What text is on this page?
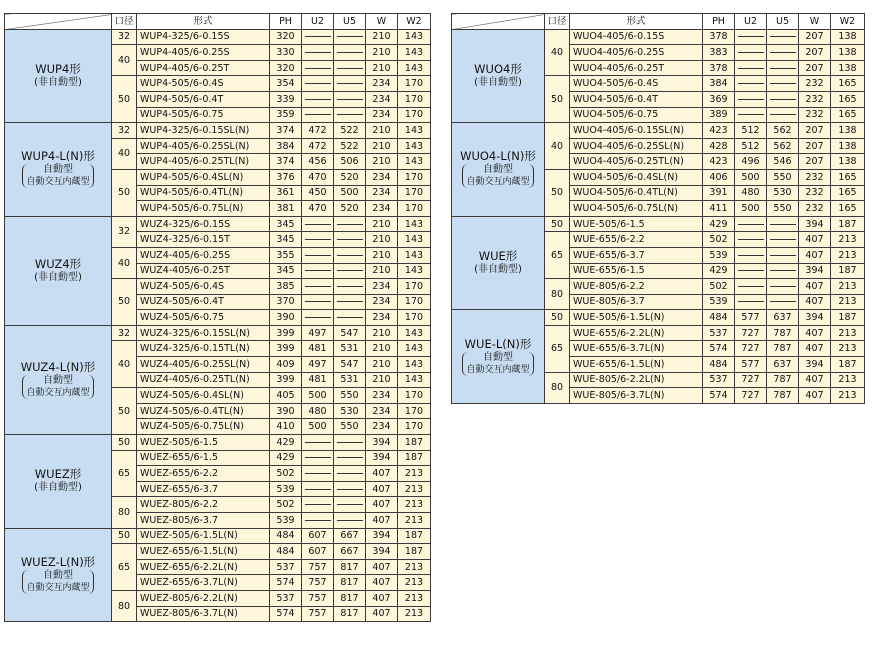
	口径	形式	PH	U2	U5	W	W2

WUP4形
(非自動型)	32	WUP4-325/6-0.15S	320			210	143
	40	WUP4-405/6-0.25S	330			210	143
		WUP4-405/6-0.25T	320			210	143
	50	WUP4-505/6-0.4S	354			234	170
		WUP4-505/6-0.4T	339			234	170
		WUP4-505/6-0.75	359			234	170

WUP4-L(N)形
自動型
自動交互内蔵型	32	WUP4-325/6-0.15SL(N)	374	472	522	210	143
	40	WUP4-405/6-0.25SL(N)	384	472	522	210	143
		WUP4-405/6-0.25TL(N)	374	456	506	210	143
	50	WUP4-505/6-0.4SL(N)	376	470	520	234	170
		WUP4-505/6-0.4TL(N)	361	450	500	234	170
		WUP4-505/6-0.75L(N)	381	470	520	234	170

WUZ4形
(非自動型)	32	WUZ4-325/6-0.15S	345			210	143
		WUZ4-325/6-0.15T	345			210	143
	40	WUZ4-405/6-0.25S	355			210	143
		WUZ4-405/6-0.25T	345			210	143
	50	WUZ4-505/6-0.4S	385			234	170
		WUZ4-505/6-0.4T	370			234	170
		WUZ4-505/6-0.75	390			234	170

WUZ4-L(N)形
自動型
自動交互内蔵型	32	WUZ4-325/6-0.15SL(N)	399	497	547	210	143
	40	WUZ4-325/6-0.15TL(N)	399	481	531	210	143
		WUZ4-405/6-0.25SL(N)	409	497	547	210	143
		WUZ4-405/6-0.25TL(N)	399	481	531	210	143
	50	WUZ4-505/6-0.4SL(N)	405	500	550	234	170
		WUZ4-505/6-0.4TL(N)	390	480	530	234	170
		WUZ4-505/6-0.75L(N)	410	500	550	234	170

WUEZ形
(非自動型)	50	WUEZ-505/6-1.5	429			394	187
	65	WUEZ-655/6-1.5	429			394	187
		WUEZ-655/6-2.2	502			407	213
		WUEZ-655/6-3.7	539			407	213
	80	WUEZ-805/6-2.2	502			407	213
		WUEZ-805/6-3.7	539			407	213

WUEZ-L(N)形
自動型
自動交互内蔵型	50	WUEZ-505/6-1.5L(N)	484	607	667	394	187
	65	WUEZ-655/6-1.5L(N)	484	607	667	394	187
		WUEZ-655/6-2.2L(N)	537	757	817	407	213
		WUEZ-655/6-3.7L(N)	574	757	817	407	213
	80	WUEZ-805/6-2.2L(N)	537	757	817	407	213
		WUEZ-805/6-3.7L(N)	574	757	817	407	213
	口径	形式	PH	U2	U5	W	W2

WUO4形
(非自動型)	40	WUO4-405/6-0.15S	378			207	138
		WUO4-405/6-0.25S	383			207	138
		WUO4-405/6-0.25T	378			207	138
	50	WUO4-505/6-0.4S	384			232	165
		WUO4-505/6-0.4T	369			232	165
		WUO4-505/6-0.75	389			232	165

WUO4-L(N)形
自動型
自動交互内蔵型	40	WUO4-405/6-0.15SL(N)	423	512	562	207	138
		WUO4-405/6-0.25SL(N)	428	512	562	207	138
		WUO4-405/6-0.25TL(N)	423	496	546	207	138
	50	WUO4-505/6-0.4SL(N)	406	500	550	232	165
		WUO4-505/6-0.4TL(N)	391	480	530	232	165
		WUO4-505/6-0.75L(N)	411	500	550	232	165

WUE形
(非自動型)	50	WUE-505/6-1.5	429			394	187
	65	WUE-655/6-2.2	502			407	213
		WUE-655/6-3.7	539			407	213
		WUE-655/6-1.5	429			394	187
	80	WUE-805/6-2.2	502			407	213
		WUE-805/6-3.7	539			407	213

WUE-L(N)形
自動型
自動交互内蔵型	50	WUE-505/6-1.5L(N)	484	577	637	394	187
	65	WUE-655/6-2.2L(N)	537	727	787	407	213
		WUE-655/6-3.7L(N)	574	727	787	407	213
		WUE-655/6-1.5L(N)	484	577	637	394	187
	80	WUE-805/6-2.2L(N)	537	727	787	407	213
		WUE-805/6-3.7L(N)	574	727	787	407	213
